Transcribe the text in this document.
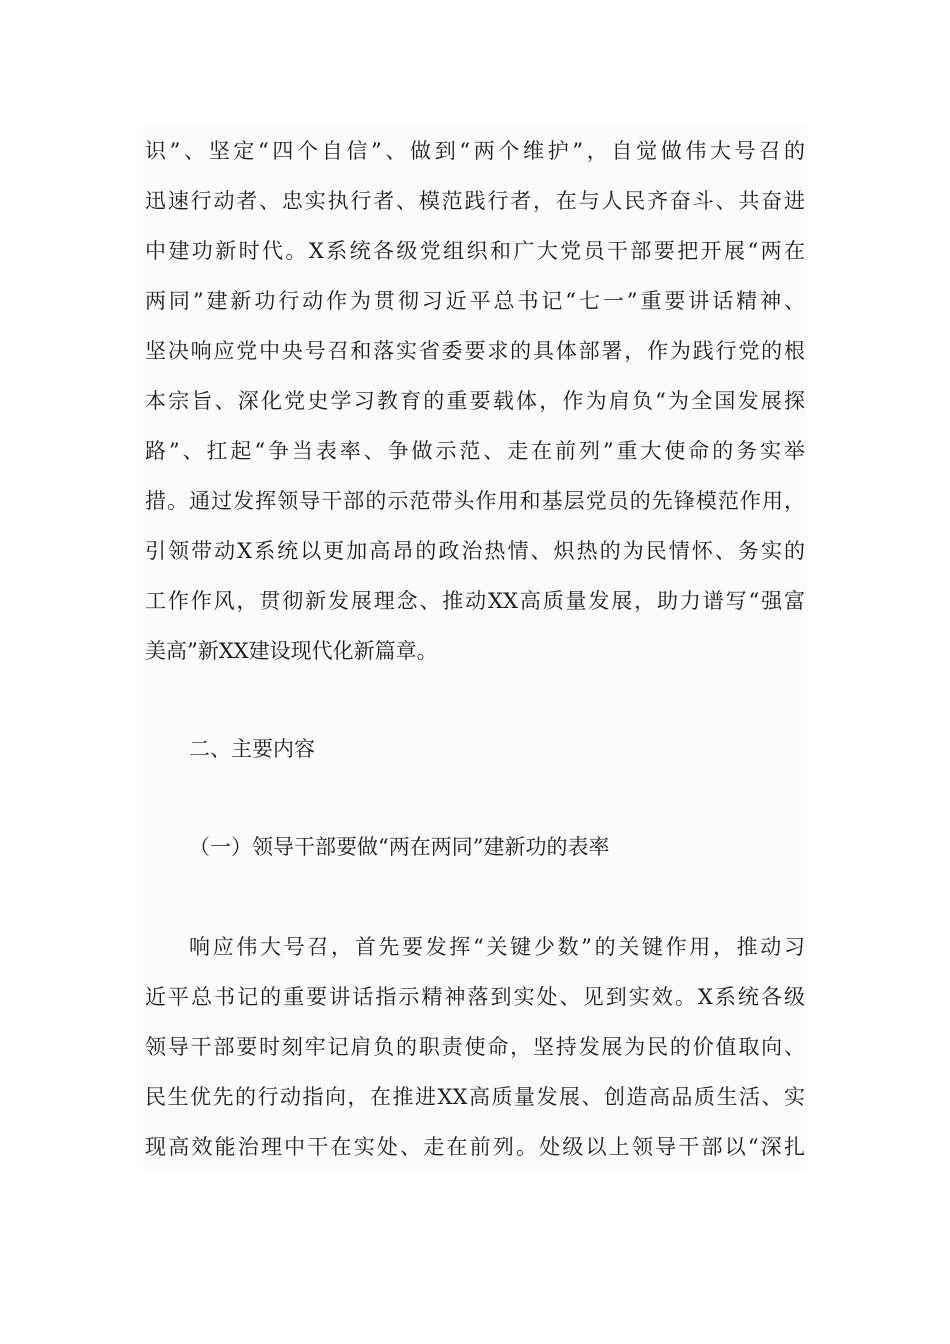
识”、坚定“四个自信”、做到“两个维护”，自觉做伟大号召的
迅速行动者、忠实执行者、模范践行者，在与人民齐奋斗、共奋进
中建功新时代。X系统各级党组织和广大党员干部要把开展“两在
两同”建新功行动作为贯彻习近平总书记“七一”重要讲话精神、
坚决响应党中央号召和落实省委要求的具体部署，作为践行党的根
本宗旨、深化党史学习教育的重要载体，作为肩负“为全国发展探
路”、扛起“争当表率、争做示范、走在前列”重大使命的务实举
措。通过发挥领导干部的示范带头作用和基层党员的先锋模范作用，
引领带动X系统以更加高昂的政治热情、炽热的为民情怀、务实的
工作作风，贯彻新发展理念、推动XX高质量发展，助力谱写“强富
美高”新XX建设现代化新篇章。
二、主要内容
（一）领导干部要做“两在两同”建新功的表率
响应伟大号召，首先要发挥“关键少数”的关键作用，推动习
近平总书记的重要讲话指示精神落到实处、见到实效。X系统各级
领导干部要时刻牢记肩负的职责使命，坚持发展为民的价值取向、
民生优先的行动指向，在推进XX高质量发展、创造高品质生活、实
现高效能治理中干在实处、走在前列。处级以上领导干部以“深扎
